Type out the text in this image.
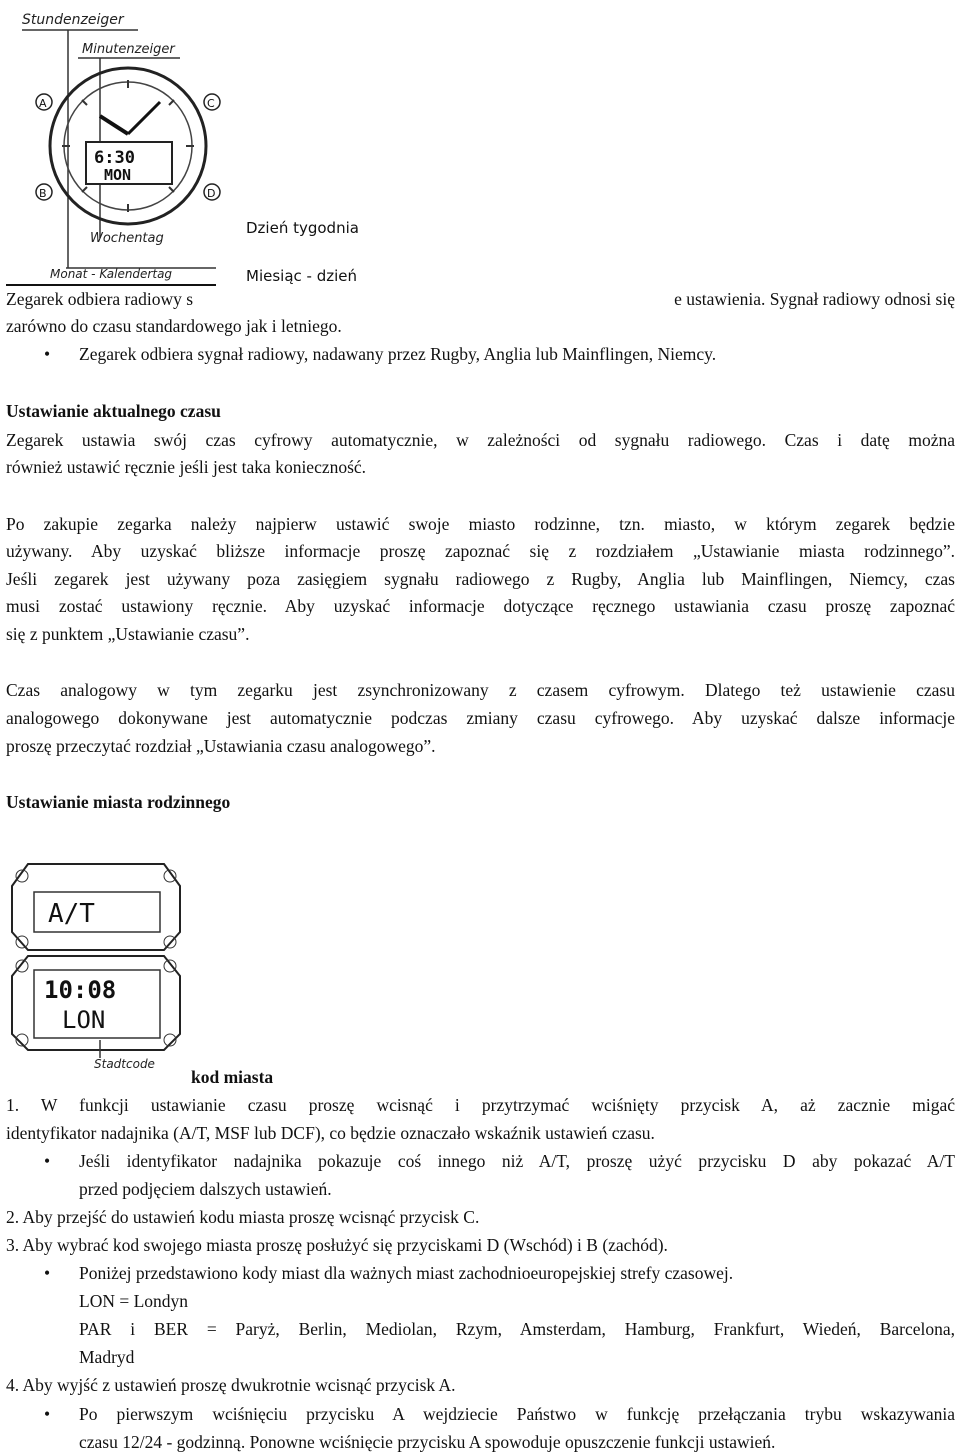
Stundenzeiger
Minutenzeiger
6:30
MON
A
B
C
D
Wochentag
Monat - Kalendertag
Dzień tygodnia
Miesiąc - dzień
Zegarek odbiera radiowy s	e ustawienia. Sygnał radiowy odnosi się
zarówno do czasu standardowego jak i letniego.
• Zegarek odbiera sygnał radiowy, nadawany przez Rugby, Anglia lub Mainflingen, Niemcy.
Ustawianie aktualnego czasu
Zegarek ustawia swój czas cyfrowy automatycznie, w zależności od sygnału radiowego. Czas i datę można
również ustawić ręcznie jeśli jest taka konieczność.
Po zakupie zegarka należy najpierw ustawić swoje miasto rodzinne, tzn. miasto, w którym zegarek będzie
używany. Aby uzyskać bliższe informacje proszę zapoznać się z rozdziałem „Ustawianie miasta rodzinnego”.
Jeśli zegarek jest używany poza zasięgiem sygnału radiowego z Rugby, Anglia lub Mainflingen, Niemcy, czas
musi zostać ustawiony ręcznie. Aby uzyskać informacje dotyczące ręcznego ustawiania czasu proszę zapoznać
się z punktem „Ustawianie czasu”.
Czas analogowy w tym zegarku jest zsynchronizowany z czasem cyfrowym. Dlatego też ustawienie czasu
analogowego dokonywane jest automatycznie podczas zmiany czasu cyfrowego. Aby uzyskać dalsze informacje
proszę przeczytać rozdział „Ustawiania czasu analogowego”.
Ustawianie miasta rodzinnego
A/T
10:08
LON
Stadtcode
kod miasta
1. W funkcji ustawianie czasu proszę wcisnąć i przytrzymać wciśnięty przycisk A, aż zacznie migać
identyfikator nadajnika (A/T, MSF lub DCF), co będzie oznaczało wskaźnik ustawień czasu.
• Jeśli identyfikator nadajnika pokazuje coś innego niż A/T, proszę użyć przycisku D aby pokazać A/T
przed podjęciem dalszych ustawień.
2. Aby przejść do ustawień kodu miasta proszę wcisnąć przycisk C.
3. Aby wybrać kod swojego miasta proszę posłużyć się przyciskami D (Wschód) i B (zachód).
• Poniżej przedstawiono kody miast dla ważnych miast zachodnioeuropejskiej strefy czasowej.
LON = Londyn
PAR i BER = Paryż, Berlin, Mediolan, Rzym, Amsterdam, Hamburg, Frankfurt, Wiedeń, Barcelona,
Madryd
4. Aby wyjść z ustawień proszę dwukrotnie wcisnąć przycisk A.
• Po pierwszym wciśnięciu przycisku A wejdziecie Państwo w funkcję przełączania trybu wskazywania
czasu 12/24 - godzinną. Ponowne wciśnięcie przycisku A spowoduje opuszczenie funkcji ustawień.
